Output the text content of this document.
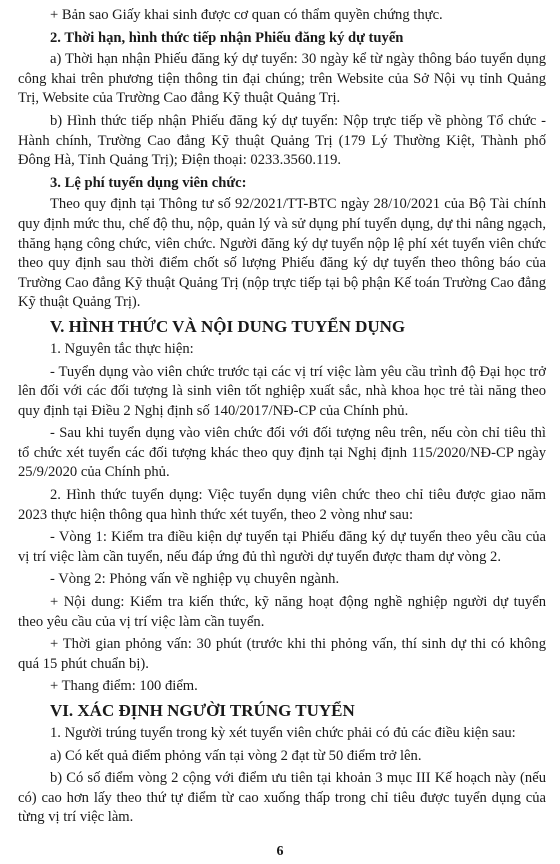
+ Bản sao Giấy khai sinh được cơ quan có thẩm quyền chứng thực.
2. Thời hạn, hình thức tiếp nhận Phiếu đăng ký dự tuyển
a) Thời hạn nhận Phiếu đăng ký dự tuyển: 30 ngày kể từ ngày thông báo tuyển dụng công khai trên phương tiện thông tin đại chúng; trên Website của Sở Nội vụ tỉnh Quảng Trị, Website của Trường Cao đẳng Kỹ thuật Quảng Trị.
b) Hình thức tiếp nhận Phiếu đăng ký dự tuyển: Nộp trực tiếp về phòng Tổ chức - Hành chính, Trường Cao đẳng Kỹ thuật Quảng Trị (179 Lý Thường Kiệt, Thành phố Đông Hà, Tỉnh Quảng Trị); Điện thoại: 0233.3560.119.
3. Lệ phí tuyển dụng viên chức:
Theo quy định tại Thông tư số 92/2021/TT-BTC ngày 28/10/2021 của Bộ Tài chính quy định mức thu, chế độ thu, nộp, quản lý và sử dụng phí tuyển dụng, dự thi nâng ngạch, thăng hạng công chức, viên chức. Người đăng ký dự tuyển nộp lệ phí xét tuyển viên chức theo quy định sau thời điểm chốt số lượng Phiếu đăng ký dự tuyển theo thông báo của Trường Cao đẳng Kỹ thuật Quảng Trị (nộp trực tiếp tại bộ phận Kế toán Trường Cao đẳng Kỹ thuật Quảng Trị).
V. HÌNH THỨC VÀ NỘI DUNG TUYỂN DỤNG
1. Nguyên tắc thực hiện:
- Tuyển dụng vào viên chức trước tại các vị trí việc làm yêu cầu trình độ Đại học trở lên đối với các đối tượng là sinh viên tốt nghiệp xuất sắc, nhà khoa học trẻ tài năng theo quy định tại Điều 2 Nghị định số 140/2017/NĐ-CP của Chính phủ.
- Sau khi tuyển dụng vào viên chức đối với đối tượng nêu trên, nếu còn chỉ tiêu thì tổ chức xét tuyển các đối tượng khác theo quy định tại Nghị định 115/2020/NĐ-CP ngày 25/9/2020 của Chính phủ.
2. Hình thức tuyển dụng: Việc tuyển dụng viên chức theo chỉ tiêu được giao năm 2023 thực hiện thông qua hình thức xét tuyển, theo 2 vòng như sau:
- Vòng 1: Kiểm tra điều kiện dự tuyển tại Phiếu đăng ký dự tuyển theo yêu cầu của vị trí việc làm cần tuyển, nếu đáp ứng đủ thì người dự tuyển được tham dự vòng 2.
- Vòng 2: Phỏng vấn về nghiệp vụ chuyên ngành.
+ Nội dung: Kiểm tra kiến thức, kỹ năng hoạt động nghề nghiệp người dự tuyển theo yêu cầu của vị trí việc làm cần tuyển.
+ Thời gian phỏng vấn: 30 phút (trước khi thi phỏng vấn, thí sinh dự thi có không quá 15 phút chuẩn bị).
+ Thang điểm: 100 điểm.
VI. XÁC ĐỊNH NGƯỜI TRÚNG TUYỂN
1. Người trúng tuyển trong kỳ xét tuyển viên chức phải có đủ các điều kiện sau:
a) Có kết quả điểm phỏng vấn tại vòng 2 đạt từ 50 điểm trở lên.
b) Có số điểm vòng 2 cộng với điểm ưu tiên tại khoản 3 mục III Kế hoạch này (nếu có) cao hơn lấy theo thứ tự điểm từ cao xuống thấp trong chỉ tiêu được tuyển dụng của từng vị trí việc làm.
6
